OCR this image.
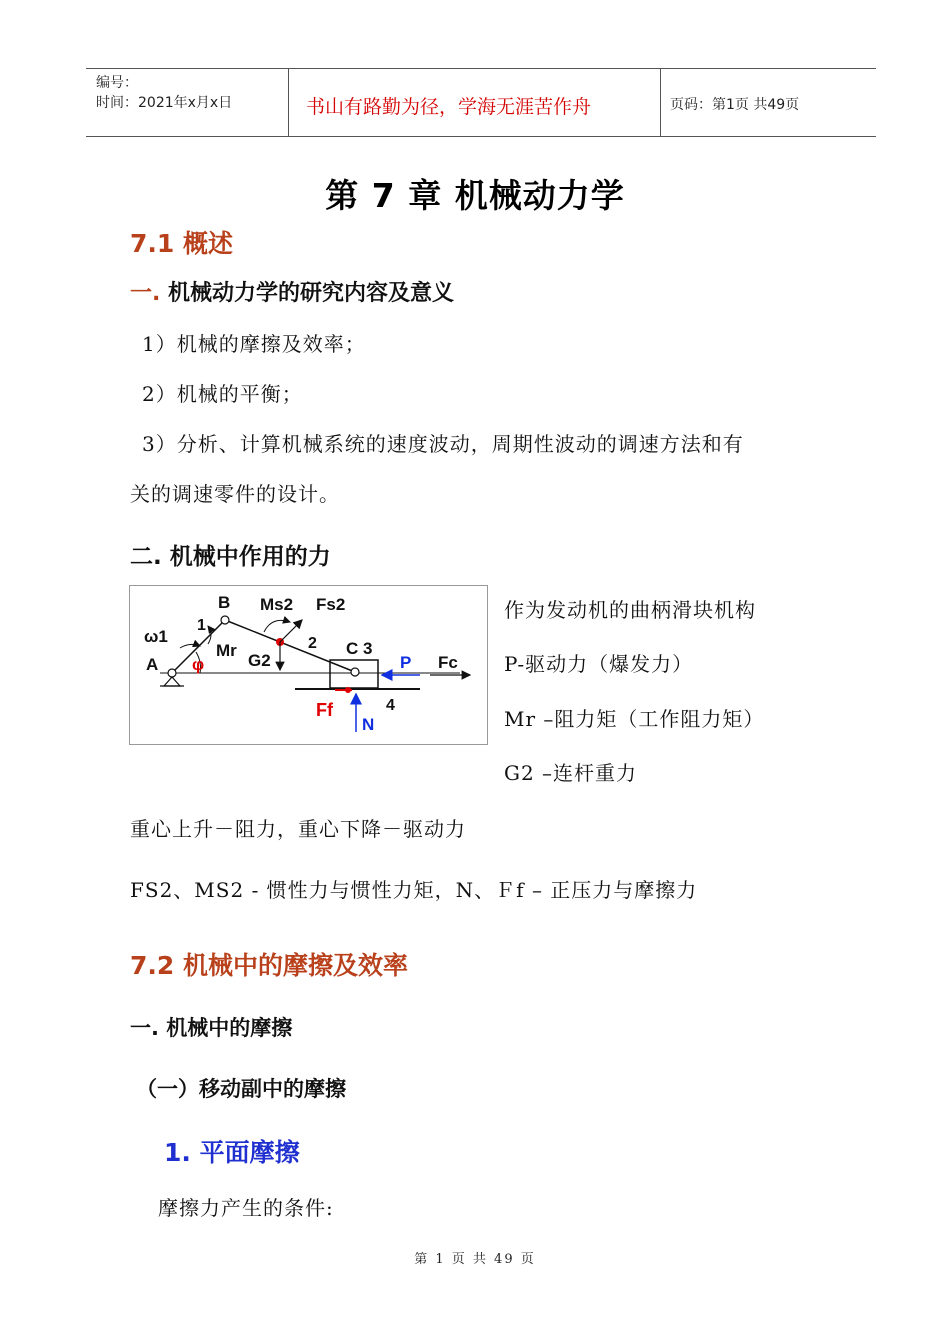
编号：
时间：2021年x月x日	书山有路勤为径，学海无涯苦作舟	页码：第1页 共49页
第 7 章 机械动力学
7.1 概述
一. 机械动力学的研究内容及意义
1）机械的摩擦及效率；
2）机械的平衡；
3）分析、计算机械系统的速度波动，周期性波动的调速方法和有
关的调速零件的设计。
二. 机械中作用的力
B
1
ω1
Mr
φ
A
Ms2 Fs2
2
G2
C 3
P Fc
Ff	4
N
作为发动机的曲柄滑块机构
P-驱动力（爆发力）
Mr –阻力矩（工作阻力矩）
G2 –连杆重力
重心上升－阻力，重心下降－驱动力
FS2、MS2 - 惯性力与惯性力矩，N、Ｆf – 正压力与摩擦力
7.2 机械中的摩擦及效率
一. 机械中的摩擦
（一）移动副中的摩擦
1. 平面摩擦
摩擦力产生的条件:
第 1 页 共 49 页
